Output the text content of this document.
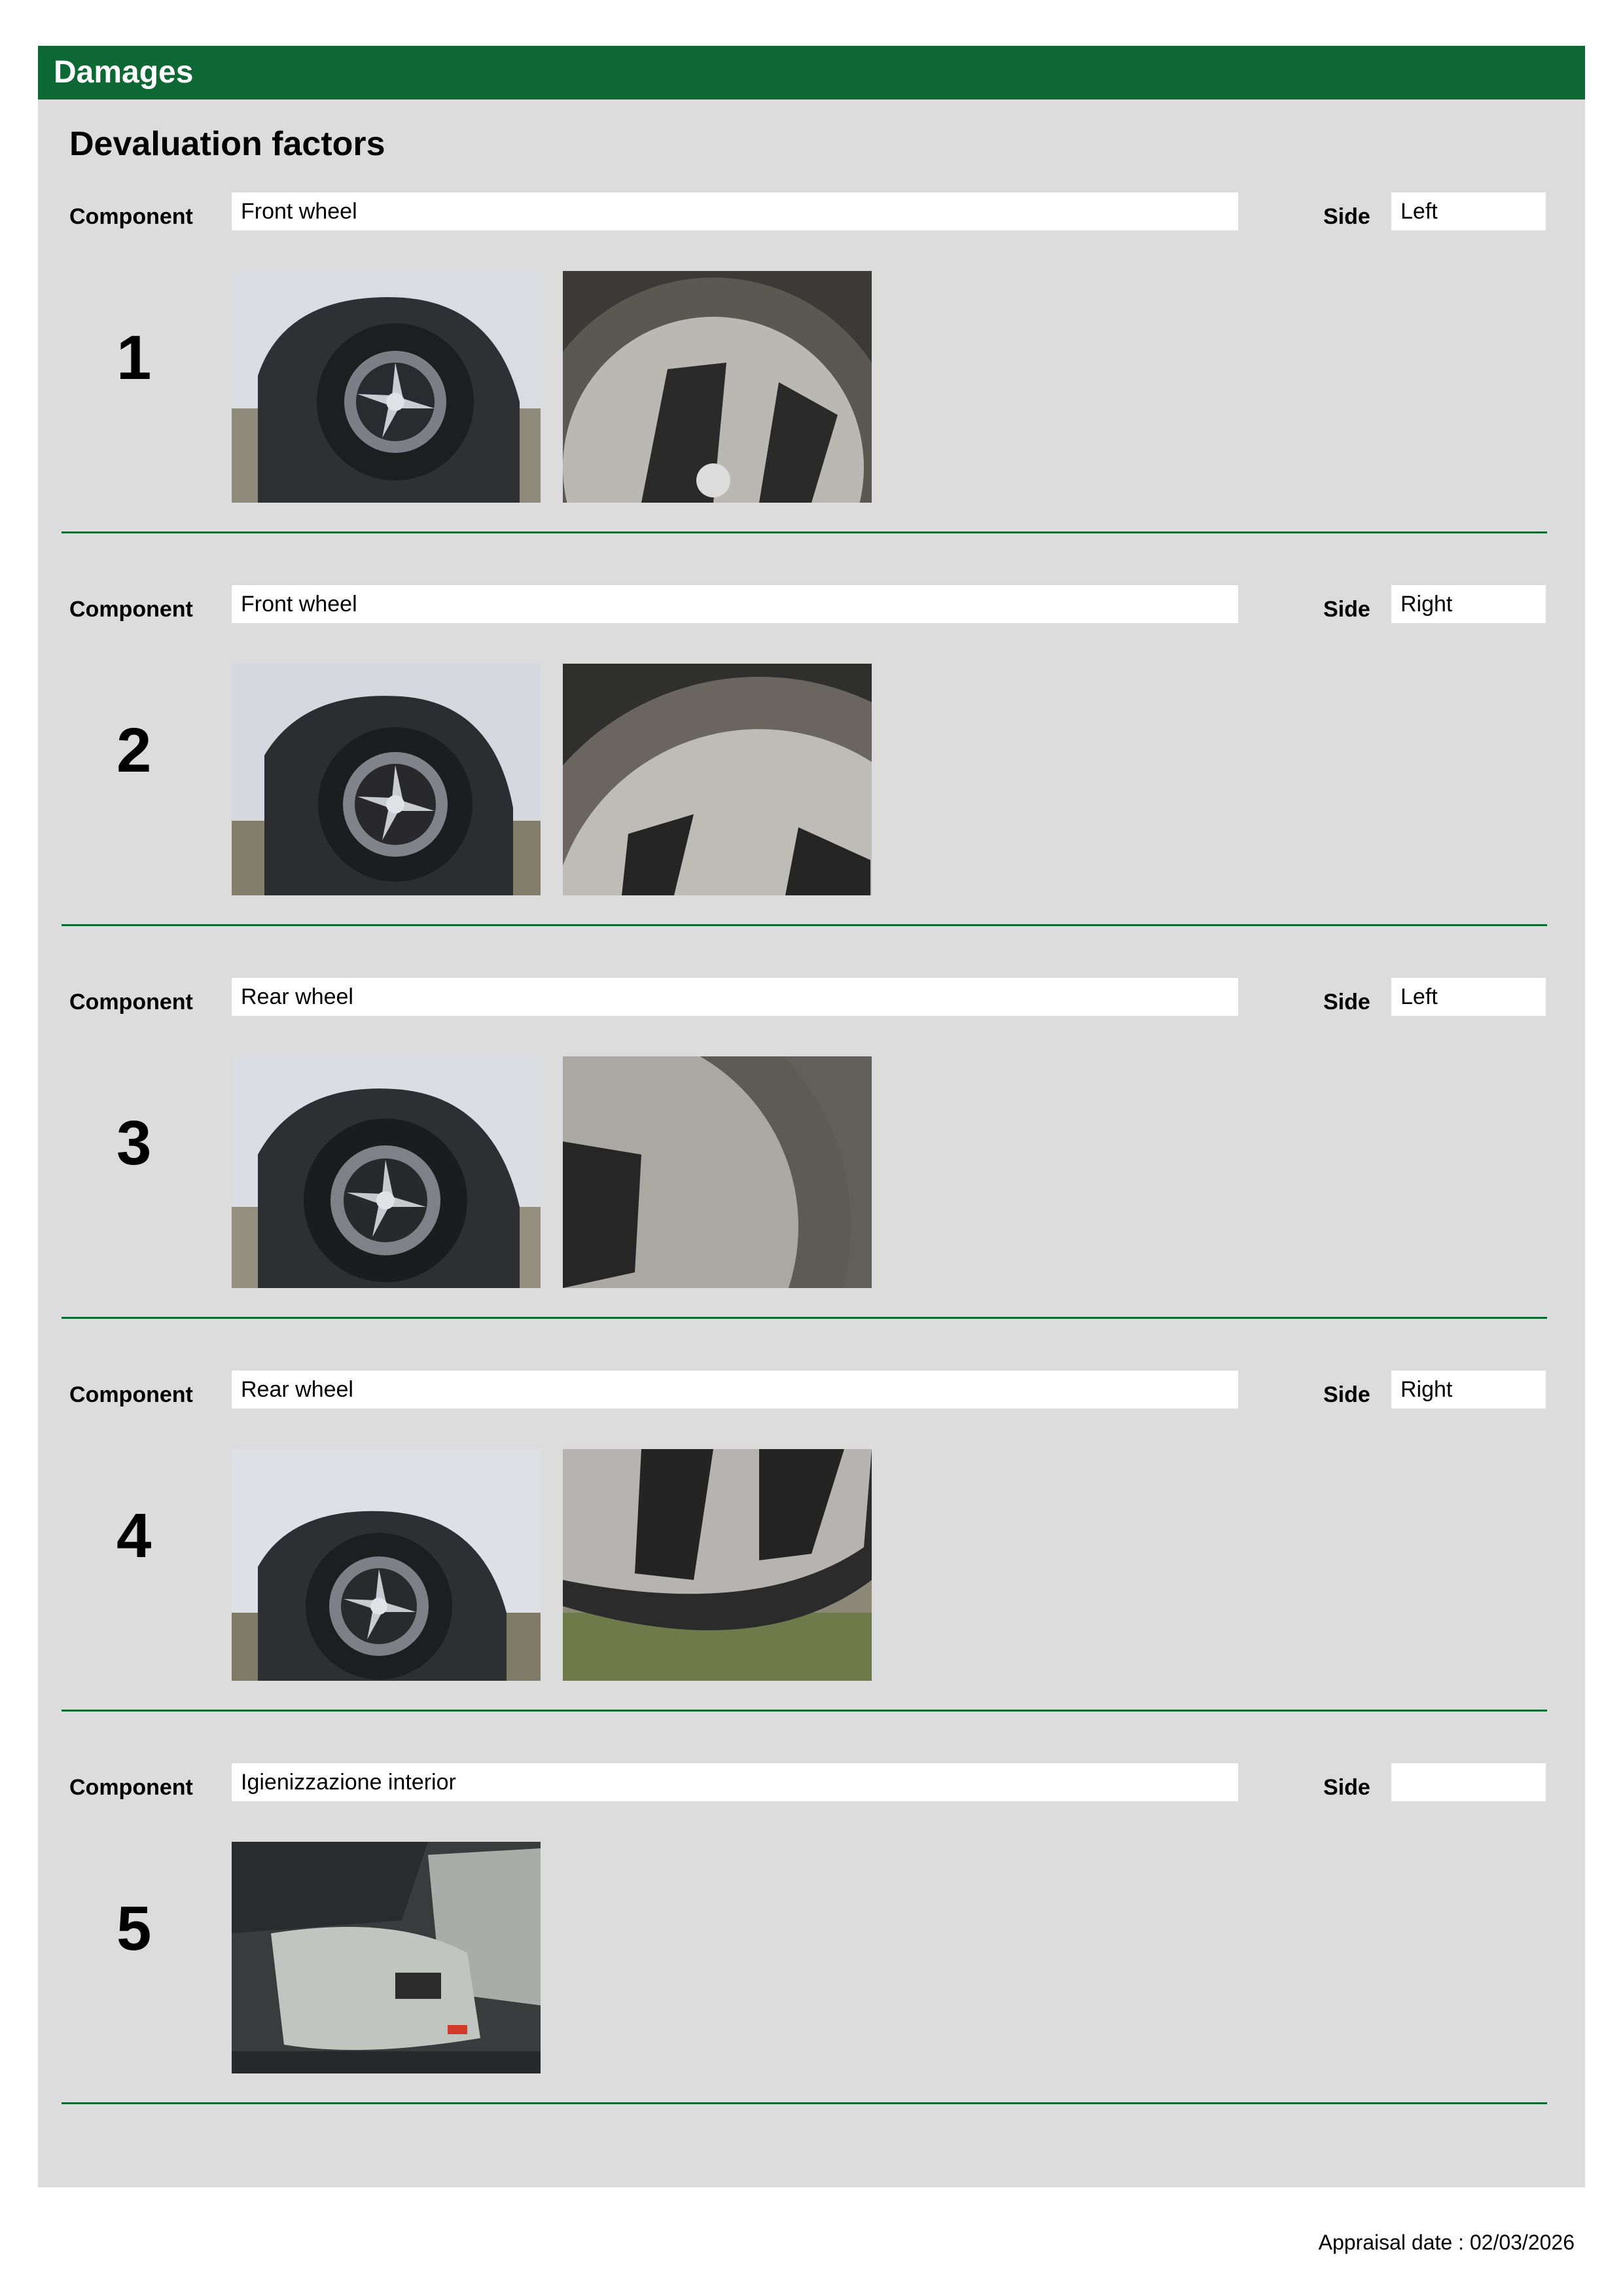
Damages
Devaluation factors
Component	Front wheel	Side	Left
1
Component	Front wheel	Side	Right
2
Component	Rear wheel	Side	Left
3
Component	Rear wheel	Side	Right
4
Component	Igienizzazione interior	Side
5
Appraisal date : 02/03/2026
